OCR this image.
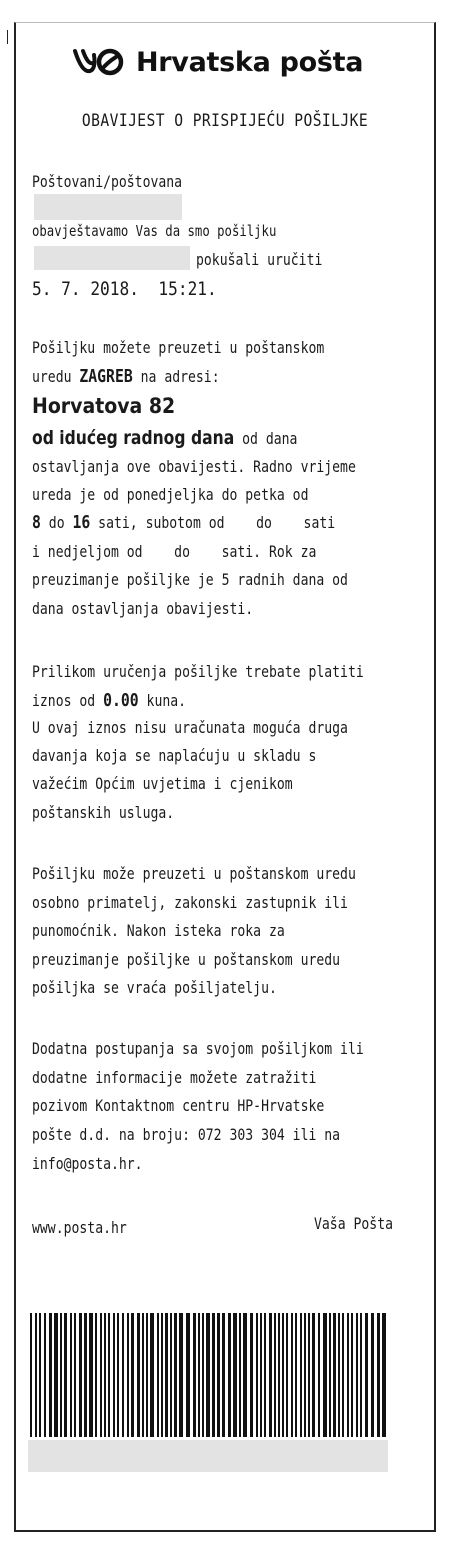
Hrvatska pošta
OBAVIJEST O PRISPIJEĆU POŠILJKE
Poštovani/poštovana
obavještavamo Vas da smo pošiljku
pokušali uručiti
5. 7. 2018.  15:21.
Pošiljku možete preuzeti u poštanskom
uredu ZAGREB na adresi:
Horvatova 82
od idućeg radnog dana od dana
ostavljanja ove obavijesti. Radno vrijeme
ureda je od ponedjeljka do petka od
8 do 16 sati, subotom od    do    sati
i nedjeljom od    do    sati. Rok za
preuzimanje pošiljke je 5 radnih dana od
dana ostavljanja obavijesti.
Prilikom uručenja pošiljke trebate platiti
iznos od 0.00 kuna.
U ovaj iznos nisu uračunata moguća druga
davanja koja se naplaćuju u skladu s
važećim Općim uvjetima i cjenikom
poštanskih usluga.
Pošiljku može preuzeti u poštanskom uredu
osobno primatelj, zakonski zastupnik ili
punomoćnik. Nakon isteka roka za
preuzimanje pošiljke u poštanskom uredu
pošiljka se vraća pošiljatelju.
Dodatna postupanja sa svojom pošiljkom ili
dodatne informacije možete zatražiti
pozivom Kontaktnom centru HP-Hrvatske
pošte d.d. na broju: 072 303 304 ili na
info@posta.hr.
www.posta.hr	Vaša Pošta
